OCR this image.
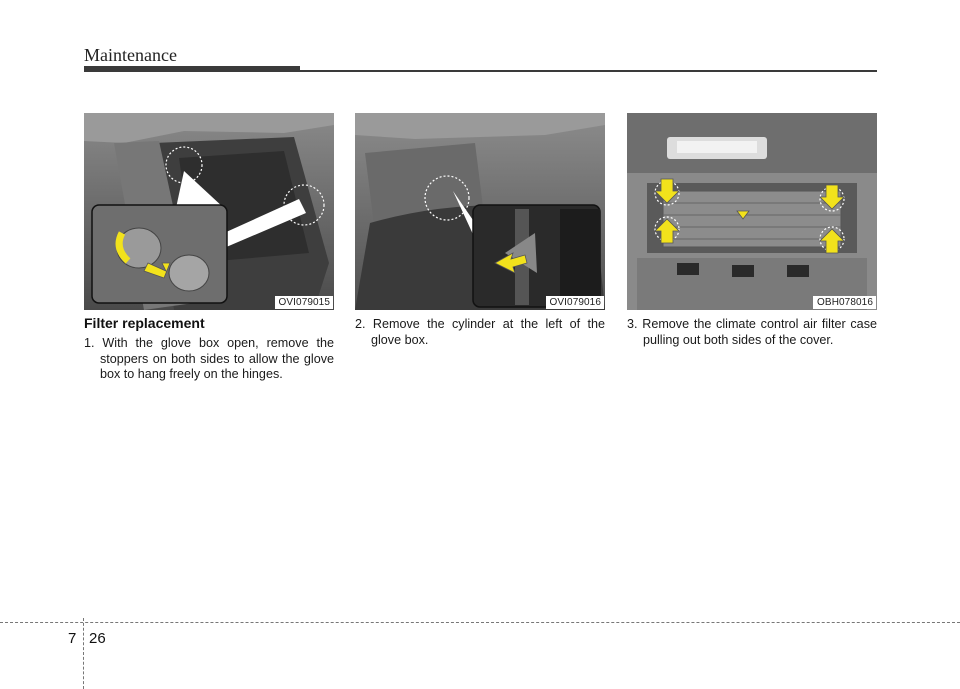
Maintenance
OVI079015	OVI079016	OBH078016
Filter replacement
1. With the glove box open, remove the stoppers on both sides to allow the glove box to hang freely on the hinges.
2. Remove the cylinder at the left of the glove box.
3. Remove the climate control air filter case pulling out both sides of the cover.
7 26
